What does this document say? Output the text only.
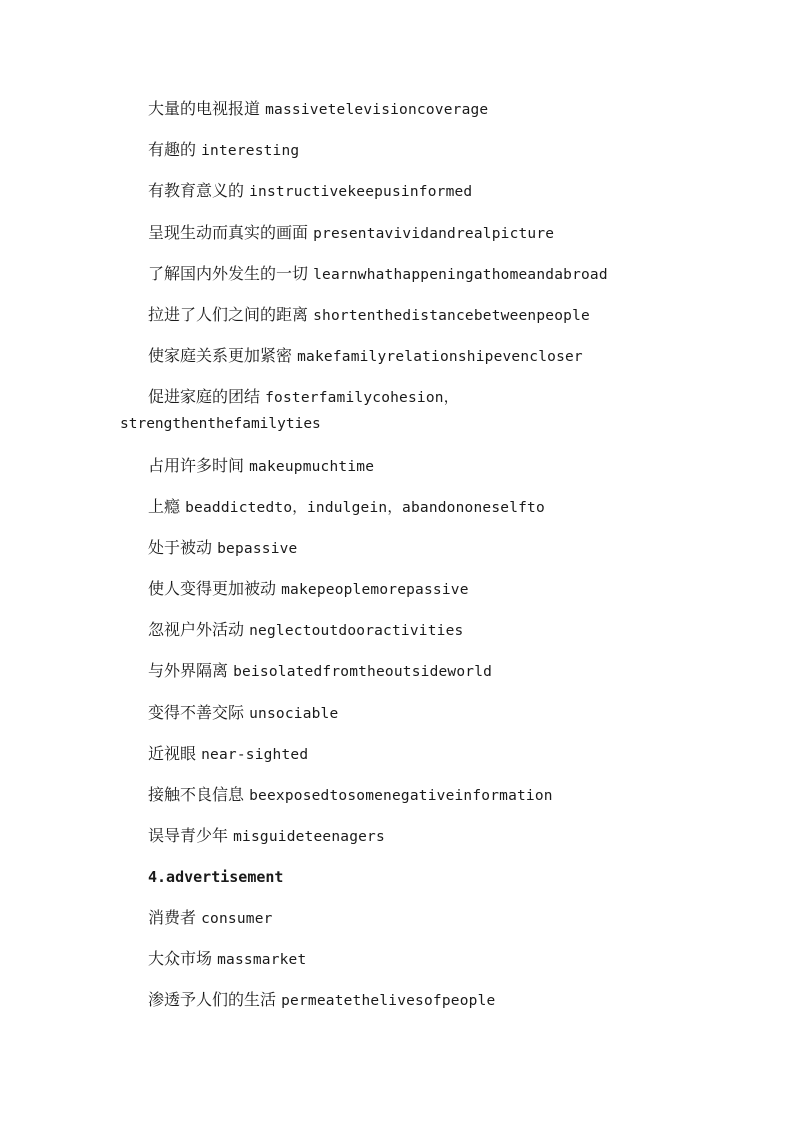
大量的电视报道 massivetelevisioncoverage
有趣的 interesting
有教育意义的 instructivekeepusinformed
呈现生动而真实的画面 presentavividandrealpicture
了解国内外发生的一切 learnwhathappeningathomeandabroad
拉进了人们之间的距离 shortenthedistancebetweenpeople
使家庭关系更加紧密 makefamilyrelationshipevencloser
促进家庭的团结 fosterfamilycohesion，
strengthenthefamilyties
占用许多时间 makeupmuchtime
上瘾 beaddictedto，indulgein，abandononeselfto
处于被动 bepassive
使人变得更加被动 makepeoplemorepassive
忽视户外活动 neglectoutdooractivities
与外界隔离 beisolatedfromtheoutsideworld
变得不善交际 unsociable
近视眼 near-sighted
接触不良信息 beexposedtosomenegativeinformation
误导青少年 misguideteenagers
4.advertisement
消费者 consumer
大众市场 massmarket
渗透予人们的生活 permeatethelivesofpeople
